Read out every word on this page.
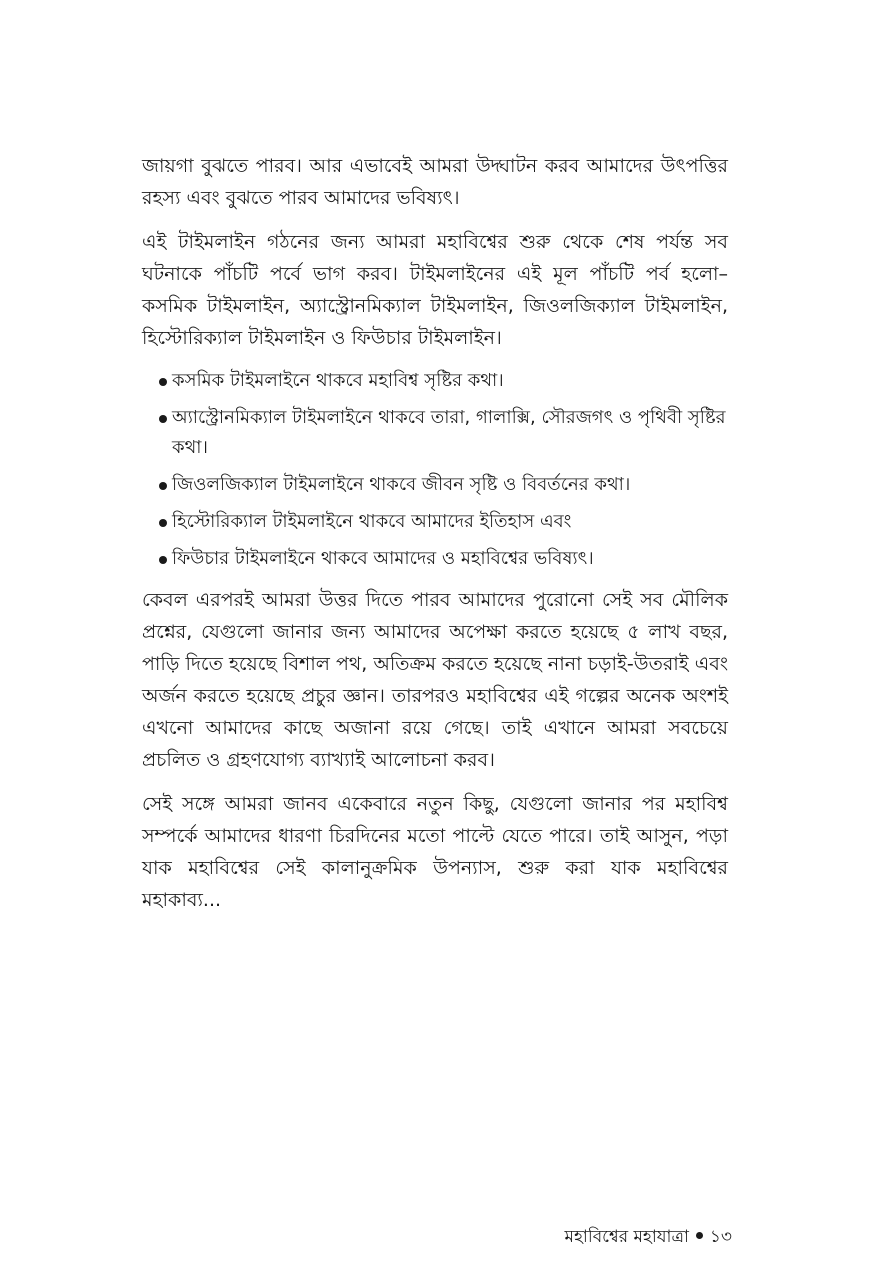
জায়গা বুঝতে পারব। আর এভাবেই আমরা উদ্ঘাটন করব আমাদের উৎপত্তির রহস্য এবং বুঝতে পারব আমাদের ভবিষ্যৎ।

এই টাইমলাইন গঠনের জন্য আমরা মহাবিশ্বের শুরু থেকে শেষ পর্যন্ত সব ঘটনাকে পাঁচটি পর্বে ভাগ করব। টাইমলাইনের এই মূল পাঁচটি পর্ব হলো– কসমিক টাইমলাইন, অ্যাস্ট্রোনমিক্যাল টাইমলাইন, জিওলজিক্যাল টাইমলাইন, হিস্টোরিক্যাল টাইমলাইন ও ফিউচার টাইমলাইন।

কসমিক টাইমলাইনে থাকবে মহাবিশ্ব সৃষ্টির কথা।
অ্যাস্ট্রোনমিক্যাল টাইমলাইনে থাকবে তারা, গালাক্সি, সৌরজগৎ ও পৃথিবী সৃষ্টির কথা।
জিওলজিক্যাল টাইমলাইনে থাকবে জীবন সৃষ্টি ও বিবর্তনের কথা।
হিস্টোরিক্যাল টাইমলাইনে থাকবে আমাদের ইতিহাস এবং
ফিউচার টাইমলাইনে থাকবে আমাদের ও মহাবিশ্বের ভবিষ্যৎ।

কেবল এরপরই আমরা উত্তর দিতে পারব আমাদের পুরোনো সেই সব মৌলিক প্রশ্নের, যেগুলো জানার জন্য আমাদের অপেক্ষা করতে হয়েছে ৫ লাখ বছর, পাড়ি দিতে হয়েছে বিশাল পথ, অতিক্রম করতে হয়েছে নানা চড়াই-উতরাই এবং অর্জন করতে হয়েছে প্রচুর জ্ঞান। তারপরও মহাবিশ্বের এই গল্পের অনেক অংশই এখনো আমাদের কাছে অজানা রয়ে গেছে। তাই এখানে আমরা সবচেয়ে প্রচলিত ও গ্রহণযোগ্য ব্যাখ্যাই আলোচনা করব।

সেই সঙ্গে আমরা জানব একেবারে নতুন কিছু, যেগুলো জানার পর মহাবিশ্ব সম্পর্কে আমাদের ধারণা চিরদিনের মতো পাল্টে যেতে পারে। তাই আসুন, পড়া যাক মহাবিশ্বের সেই কালানুক্রমিক উপন্যাস, শুরু করা যাক মহাবিশ্বের মহাকাব্য...

মহাবিশ্বের মহাযাত্রা ১৩
